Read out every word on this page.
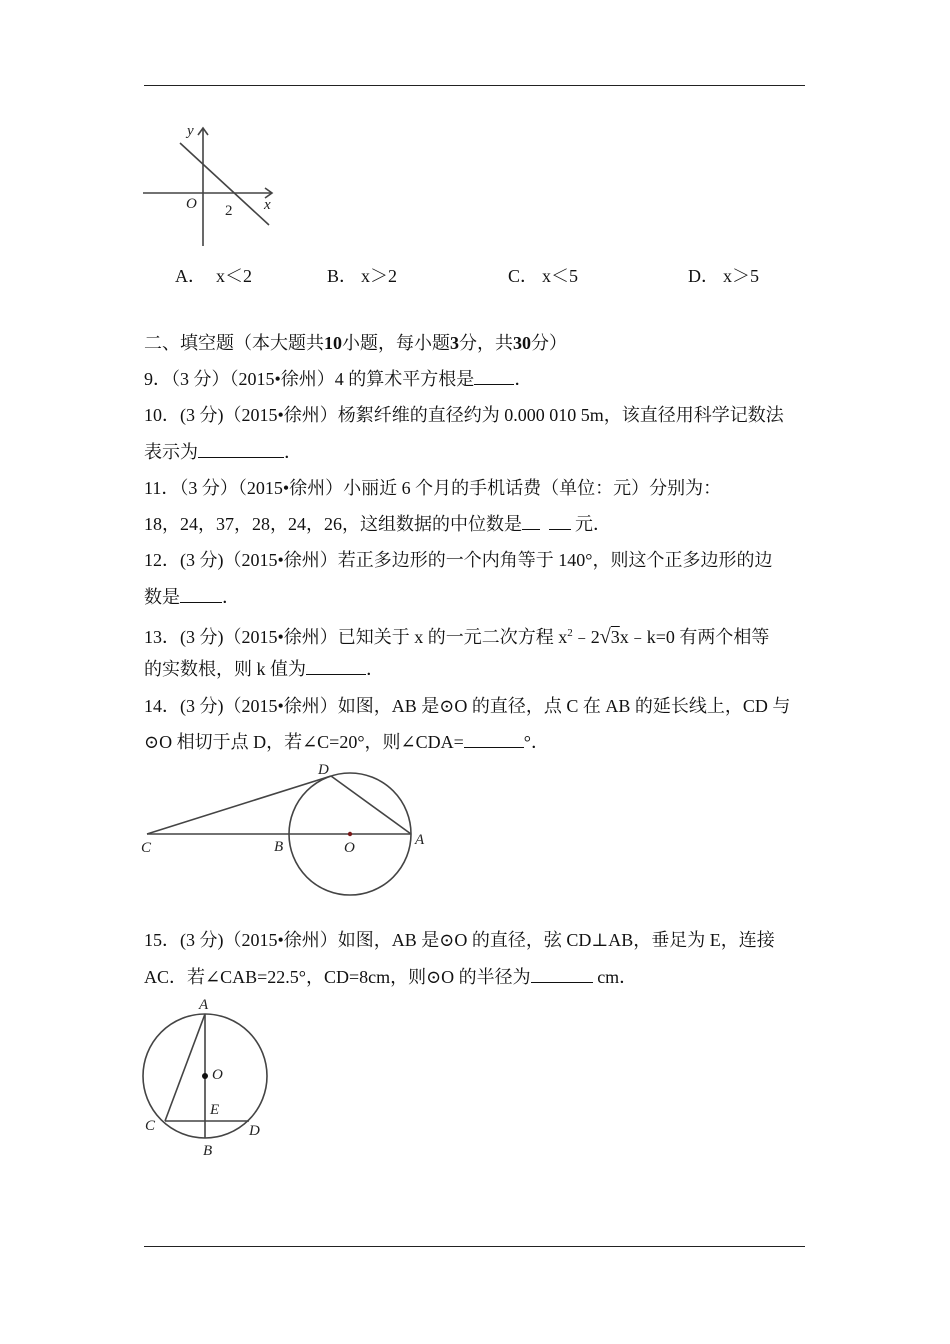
y
x
O 2
A． x＜2	B． x＞2	C． x＜5	D． x＞5
二、填空题（本大题共10小题，每小题3分，共30分）
9．（3 分）（2015•徐州）4 的算术平方根是 ．
10．(3 分)（2015•徐州）杨絮纤维的直径约为 0.000 010 5m，该直径用科学记数法
表示为	．
11．（3 分）（2015•徐州）小丽近 6 个月的手机话费（单位：元）分别为：
18，24，37，28，24，26，这组数据的中位数是	元．
12．(3 分)（2015•徐州）若正多边形的一个内角等于 140°，则这个正多边形的边
数是 ．
13．(3 分)（2015•徐州）已知关于 x 的一元二次方程 $x^2﹣2√3x﹣k=0$ 有两个相等
的实数根，则 k 值为	．
14．(3 分)（2015•徐州）如图，AB 是⊙O 的直径，点 C 在 AB 的延长线上，CD 与
⊙O 相切于点 D，若∠C=20°，则∠CDA=	°．
D
C	B	O	A
15．(3 分)（2015•徐州）如图，AB 是⊙O 的直径，弦 CD⊥AB，垂足为 E，连接
AC．若∠CAB=22.5°，CD=8cm，则⊙O 的半径为	cm．
A
O
E
C	D
B
